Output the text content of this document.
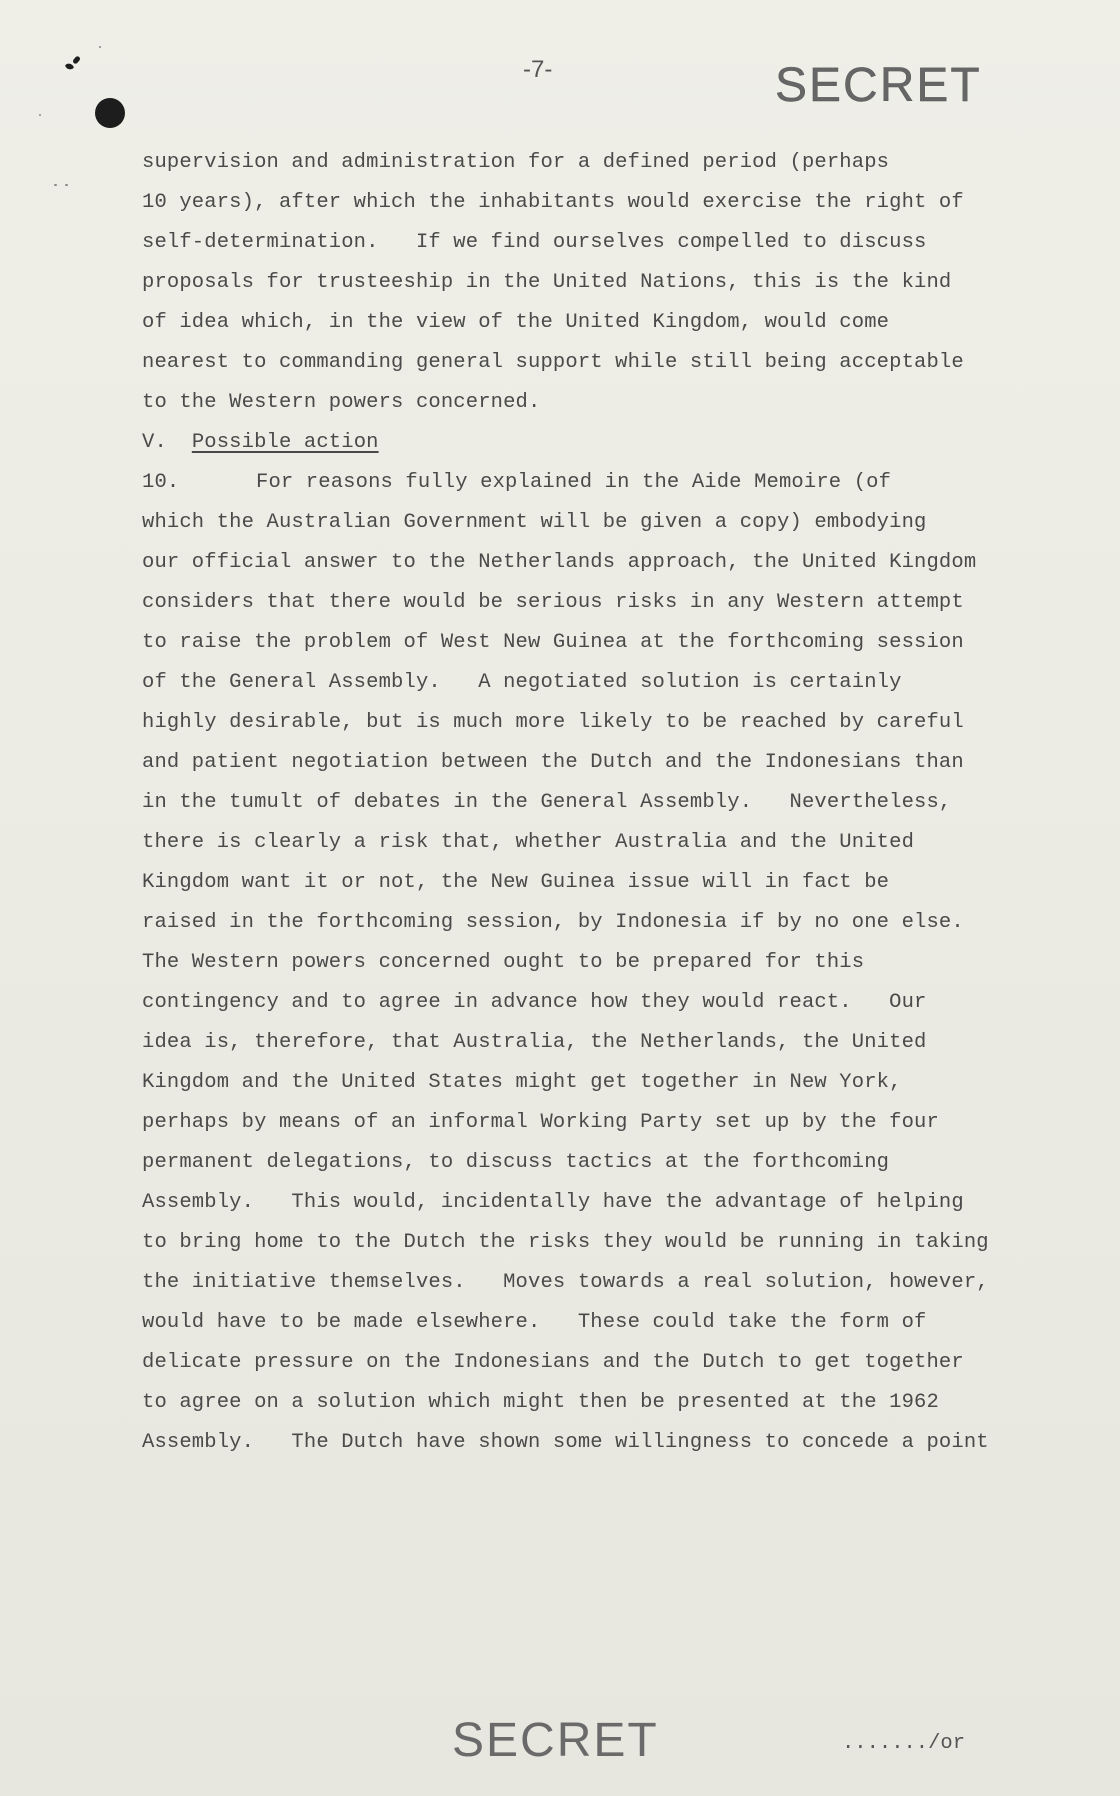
-7-	SECRET
supervision and administration for a defined period (perhaps
10 years), after which the inhabitants would exercise the right of
self-determination.   If we find ourselves compelled to discuss
proposals for trusteeship in the United Nations, this is the kind
of idea which, in the view of the United Kingdom, would come
nearest to commanding general support while still being acceptable
to the Western powers concerned.
V. Possible action
10.	For reasons fully explained in the Aide Memoire (of
which the Australian Government will be given a copy) embodying
our official answer to the Netherlands approach, the United Kingdom
considers that there would be serious risks in any Western attempt
to raise the problem of West New Guinea at the forthcoming session
of the General Assembly.   A negotiated solution is certainly
highly desirable, but is much more likely to be reached by careful
and patient negotiation between the Dutch and the Indonesians than
in the tumult of debates in the General Assembly.   Nevertheless,
there is clearly a risk that, whether Australia and the United
Kingdom want it or not, the New Guinea issue will in fact be
raised in the forthcoming session, by Indonesia if by no one else.
The Western powers concerned ought to be prepared for this
contingency and to agree in advance how they would react.   Our
idea is, therefore, that Australia, the Netherlands, the United
Kingdom and the United States might get together in New York,
perhaps by means of an informal Working Party set up by the four
permanent delegations, to discuss tactics at the forthcoming
Assembly.   This would, incidentally have the advantage of helping
to bring home to the Dutch the risks they would be running in taking
the initiative themselves.   Moves towards a real solution, however,
would have to be made elsewhere.   These could take the form of
delicate pressure on the Indonesians and the Dutch to get together
to agree on a solution which might then be presented at the 1962
Assembly.   The Dutch have shown some willingness to concede a point
SECRET	......./or
